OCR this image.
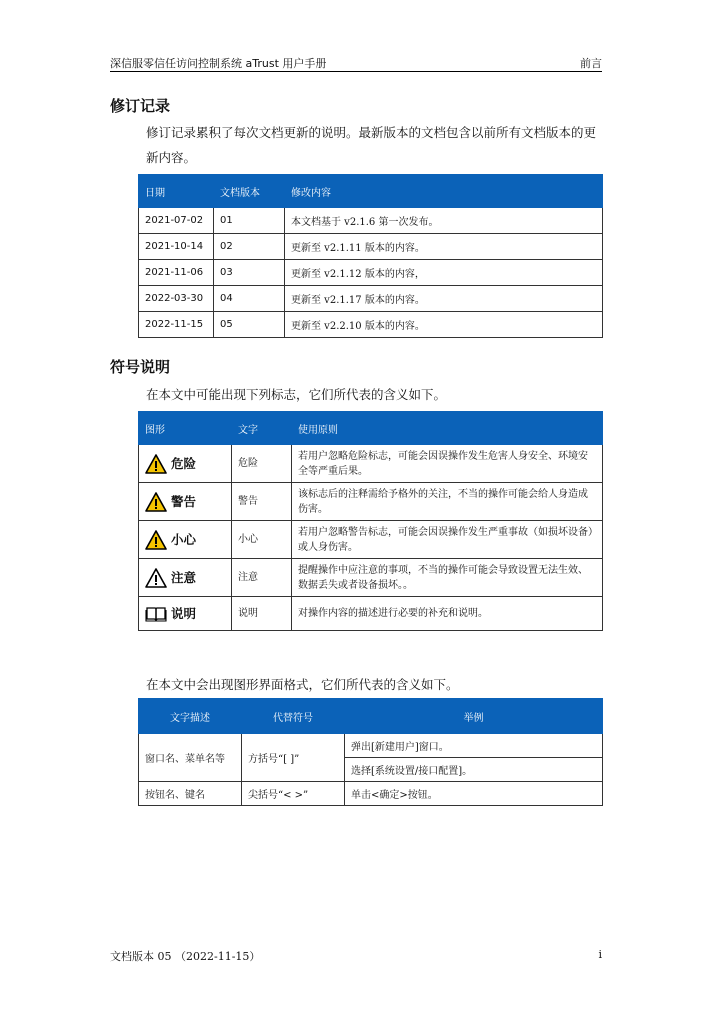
深信服零信任访问控制系统 aTrust 用户手册	前言
修订记录

修订记录累积了每次文档更新的说明。最新版本的文档包含以前所有文档版本的更新内容。

日期	文档版本	修改内容
2021-07-02	01	本文档基于 v2.1.6 第一次发布。
2021-10-14	02	更新至 v2.1.11 版本的内容。
2021-11-06	03	更新至 v2.1.12 版本的内容，
2022-03-30	04	更新至 v2.1.17 版本的内容。
2022-11-15	05	更新至 v2.2.10 版本的内容。
符号说明

在本文中可能出现下列标志，它们所代表的含义如下。

图形	文字	使用原则

危险	危险	若用户忽略危险标志，可能会因误操作发生危害人身安全、环境安全等严重后果。

警告	警告	该标志后的注释需给予格外的关注，不当的操作可能会给人身造成伤害。

小心	小心	若用户忽略警告标志，可能会因误操作发生严重事故（如损坏设备）或人身伤害。

注意	注意	提醒操作中应注意的事项，不当的操作可能会导致设置无法生效、数据丢失或者设备损坏。。

说明	说明	对操作内容的描述进行必要的补充和说明。

在本文中会出现图形界面格式，它们所代表的含义如下。

文字描述	代替符号	举例
窗口名、菜单名等	方括号“[ ]”	弹出[新建用户]窗口。
		选择[系统设置/接口配置]。
按钮名、键名	尖括号“< >”	单击<确定>按钮。
文档版本 05 （2022-11-15）	i
